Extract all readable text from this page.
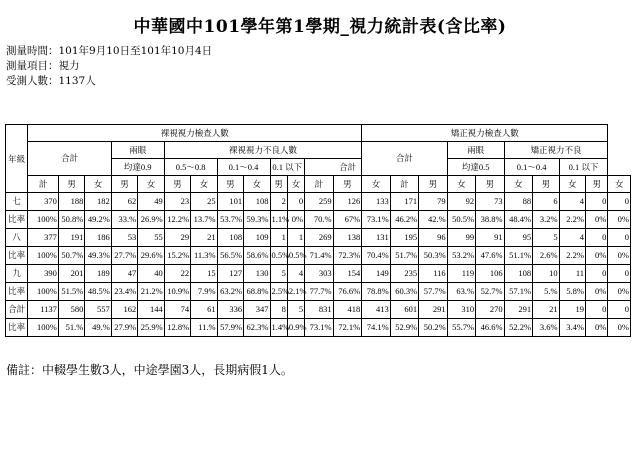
中華國中101學年第1學期_視力統計表(含比率)
測量時間：101年9月10日至101年10月4日
測量項目：視力
受測人數：1137人
年級	裸視視力檢查人數													矯正視力檢查人數									
	合計			兩眼		裸視視力不良人數								合計			兩眼		矯正視力不良				
				均達0.9		0.5～0.8		0.1～0.4		0.1 以下		合計					均達0.5		0.1～0.4		0.1 以下		
	計	男	女	男	女	男	女	男	女	男	女	計	男	女	計	男	女	男	女	男	女	男	女
七	370	188	182	62	49	23	25	101	108	2	0	259	126	133	171	79	92	73	88	6	4	0	0
比率	100%	50.8%	49.2%	33.%	26.9%	12.2%	13.7%	53.7%	59.3%	1.1%	0%	70.%	67%	73.1%	46.2%	42.%	50.5%	38.8%	48.4%	3.2%	2.2%	0%	0%
八	377	191	186	53	55	29	21	108	109	1	1	269	138	131	195	96	99	91	95	5	4	0	0
比率	100%	50.7%	49.3%	27.7%	29.6%	15.2%	11.3%	56.5%	58.6%	0.5%	0.5%	71.4%	72.3%	70.4%	51.7%	50.3%	53.2%	47.6%	51.1%	2.6%	2.2%	0%	0%
九	390	201	189	47	40	22	15	127	130	5	4	303	154	149	235	116	119	106	108	10	11	0	0
比率	100%	51.5%	48.5%	23.4%	21.2%	10.9%	7.9%	63.2%	68.8%	2.5%	2.1%	77.7%	76.6%	78.8%	60.3%	57.7%	63.%	52.7%	57.1%	5.%	5.8%	0%	0%
合計	1137	580	557	162	144	74	61	336	347	8	5	831	418	413	601	291	310	270	291	21	19	0	0
比率	100%	51.%	49.%	27.9%	25.9%	12.8%	11.%	57.9%	62.3%	1.4%	0.9%	73.1%	72.1%	74.1%	52.9%	50.2%	55.7%	46.6%	52.2%	3.6%	3.4%	0%	0%
備註：中輟學生數3人，中途學園3人，長期病假1人。
